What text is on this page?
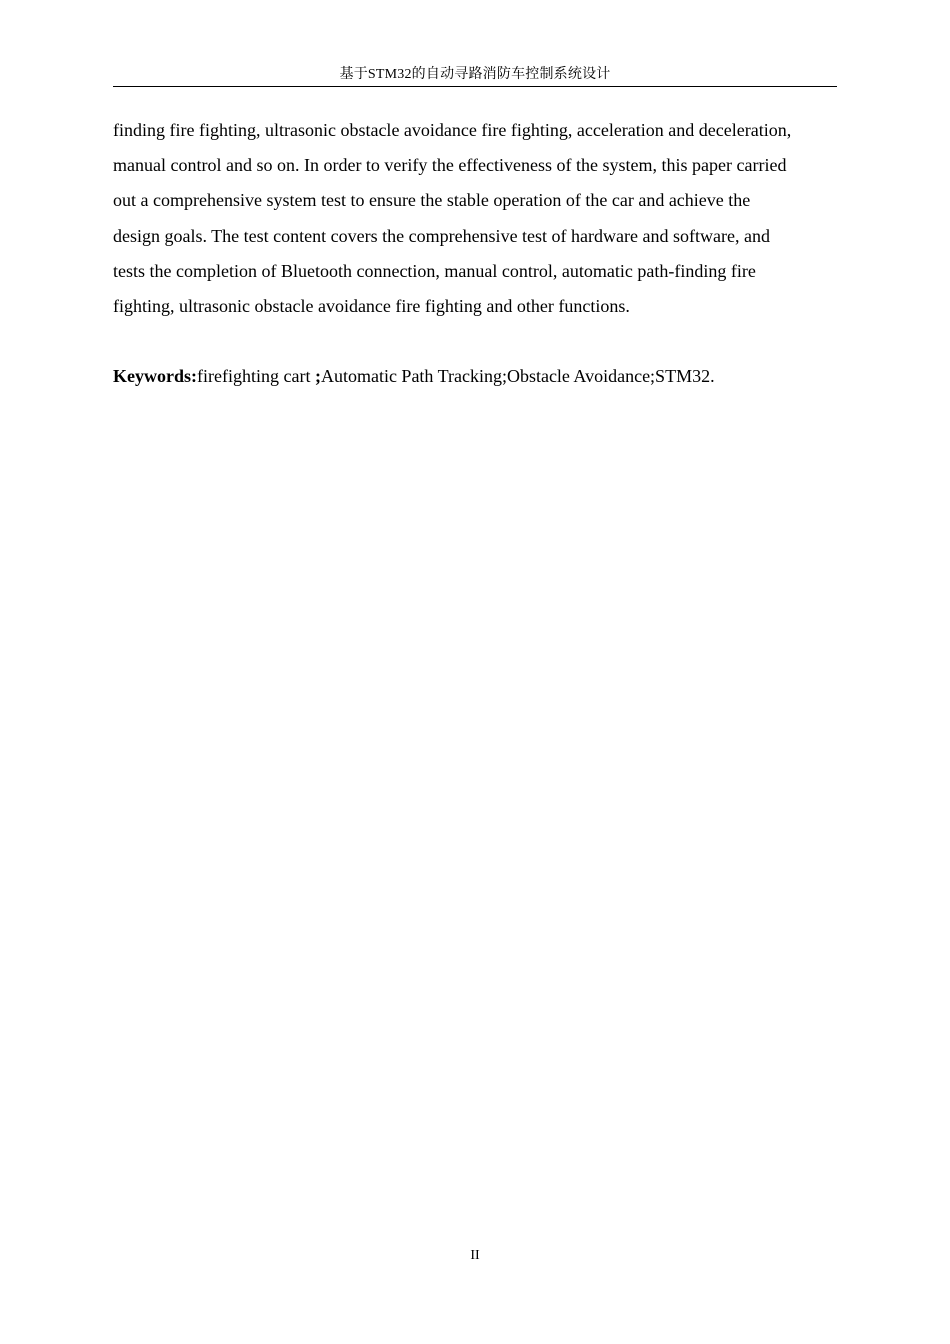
基于STM32的自动寻路消防车控制系统设计
finding fire fighting, ultrasonic obstacle avoidance fire fighting, acceleration and deceleration,
manual control and so on. In order to verify the effectiveness of the system, this paper carried
out a comprehensive system test to ensure the stable operation of the car and achieve the
design goals. The test content covers the comprehensive test of hardware and software, and
tests the completion of Bluetooth connection, manual control, automatic path-finding fire
fighting, ultrasonic obstacle avoidance fire fighting and other functions.

Keywords:firefighting cart ;Automatic Path Tracking;Obstacle Avoidance;STM32.

II
